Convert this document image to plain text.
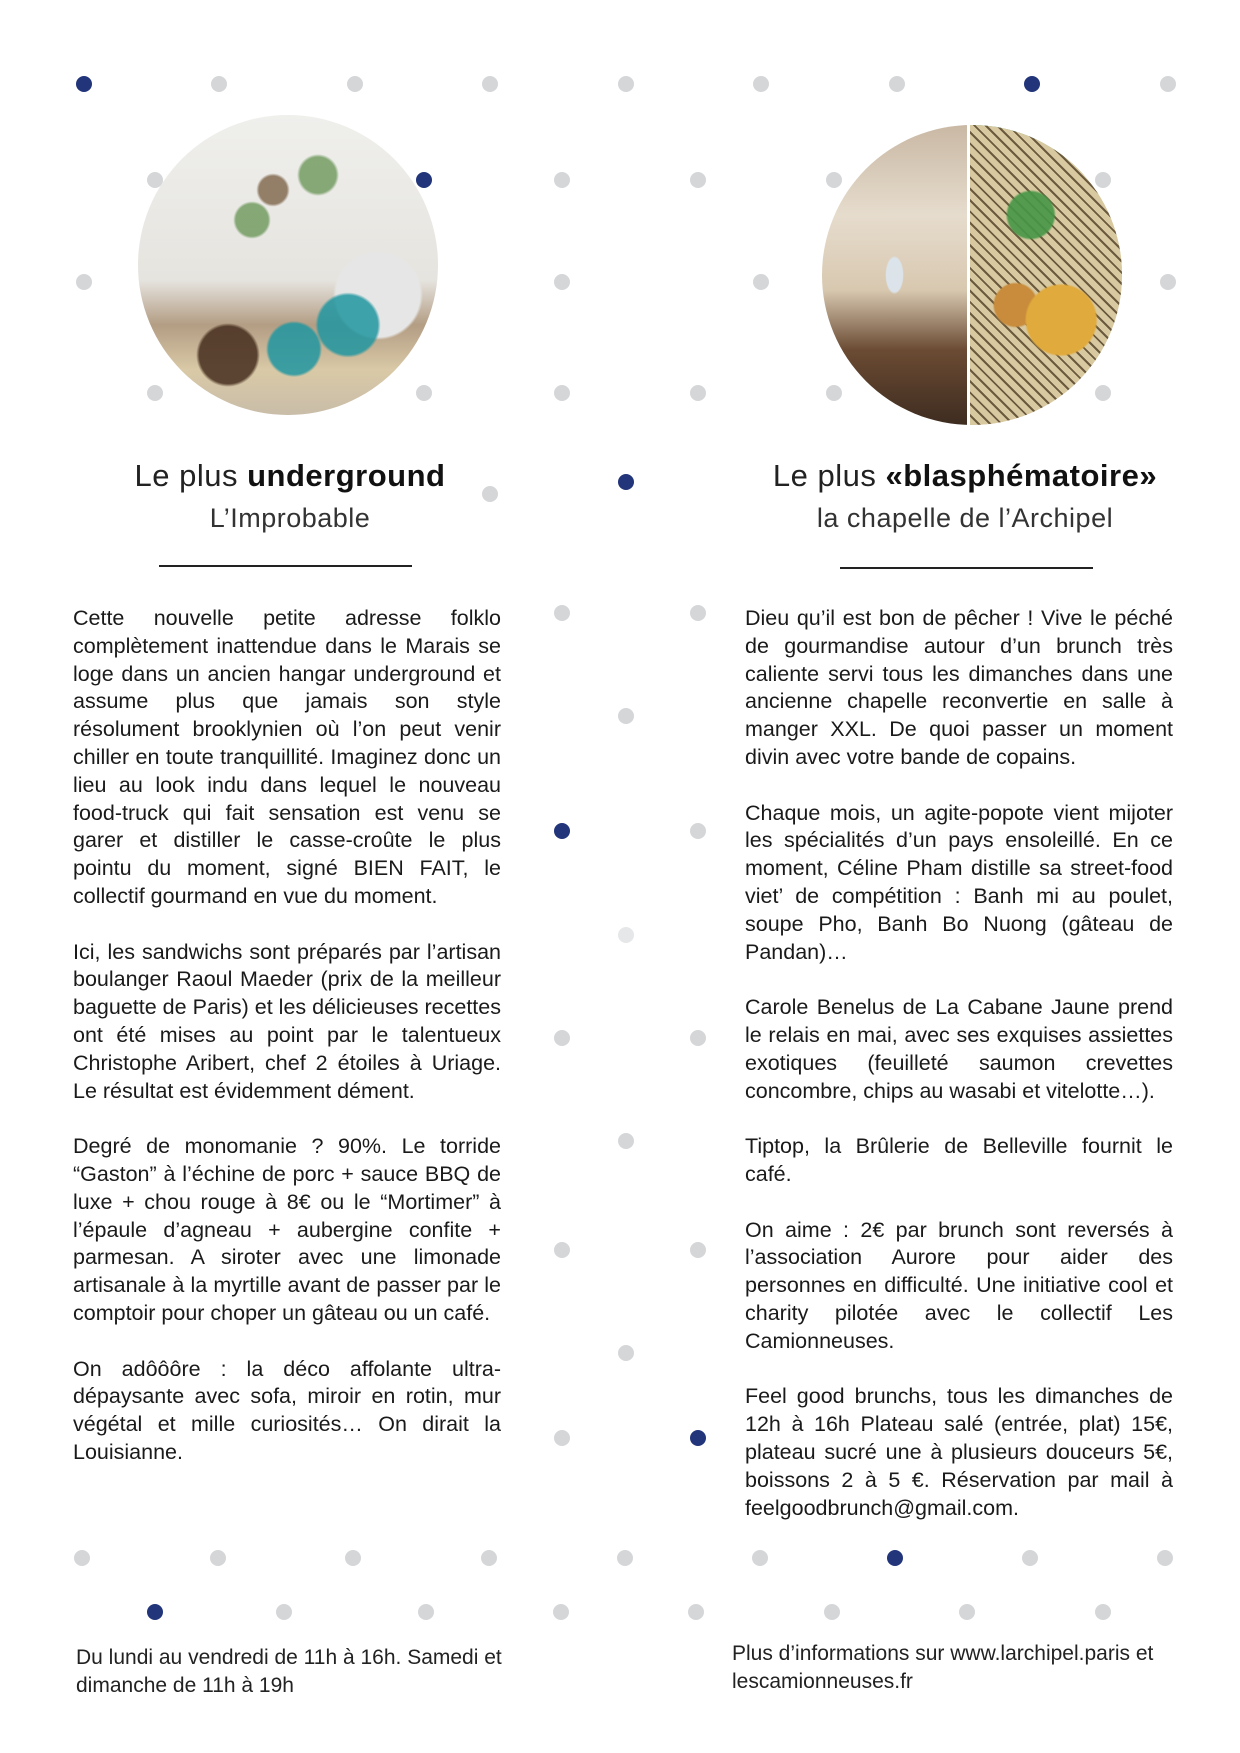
Le plus underground
L’Improbable

Cette nouvelle petite adresse folklo complètement inattendue dans le Marais se loge dans un ancien hangar underground et assume plus que jamais son style résolument brooklynien où l’on peut venir chiller en toute tranquillité. Imaginez donc un lieu au look indu dans lequel le nouveau food-truck qui fait sensation est venu se garer et distiller le casse-croûte le plus pointu du moment, signé BIEN FAIT, le collectif gourmand en vue du moment.

Ici, les sandwichs sont préparés par l’artisan boulanger Raoul Maeder (prix de la meilleur baguette de Paris) et les délicieuses recettes ont été mises au point par le talentueux Christophe Aribert, chef 2 étoiles à Uriage. Le résultat est évidemment dément.

Degré de monomanie ? 90%. Le torride “Gaston” à l’échine de porc + sauce BBQ de luxe + chou rouge à 8€ ou le “Mortimer” à l’épaule d’agneau + aubergine confite + parmesan. A siroter avec une limonade artisanale à la myrtille avant de passer par le comptoir pour choper un gâteau ou un café.

On adôôôre : la déco affolante ultra-dépaysante avec sofa, miroir en rotin, mur végétal et mille curiosités… On dirait la Louisianne.

Du lundi au vendredi de 11h à 16h. Samedi et dimanche de 11h à 19h
Le plus «blasphématoire»
la chapelle de l’Archipel

Dieu qu’il est bon de pêcher ! Vive le péché de gourmandise autour d’un brunch très caliente servi tous les dimanches dans une ancienne chapelle reconvertie en salle à manger XXL. De quoi passer un moment divin avec votre bande de copains.

Chaque mois, un agite-popote vient mijoter les spécialités d’un pays ensoleillé. En ce moment, Céline Pham distille sa street-food viet’ de compétition : Banh mi au poulet, soupe Pho, Banh Bo Nuong (gâteau de Pandan)…

Carole Benelus de La Cabane Jaune prend le relais en mai, avec ses exquises assiettes exotiques (feuilleté saumon crevettes concombre, chips au wasabi et vitelotte…).

Tiptop, la Brûlerie de Belleville fournit le café.

On aime : 2€ par brunch sont reversés à l’association Aurore pour aider des personnes en difficulté. Une initiative cool et charity pilotée avec le collectif Les Camionneuses.

Feel good brunchs, tous les dimanches de 12h à 16h Plateau salé (entrée, plat) 15€, plateau sucré une à plusieurs douceurs 5€, boissons 2 à 5 €. Réservation par mail à feelgoodbrunch@gmail.com.

Plus d’informations sur www.larchipel.paris et lescamionneuses.fr
